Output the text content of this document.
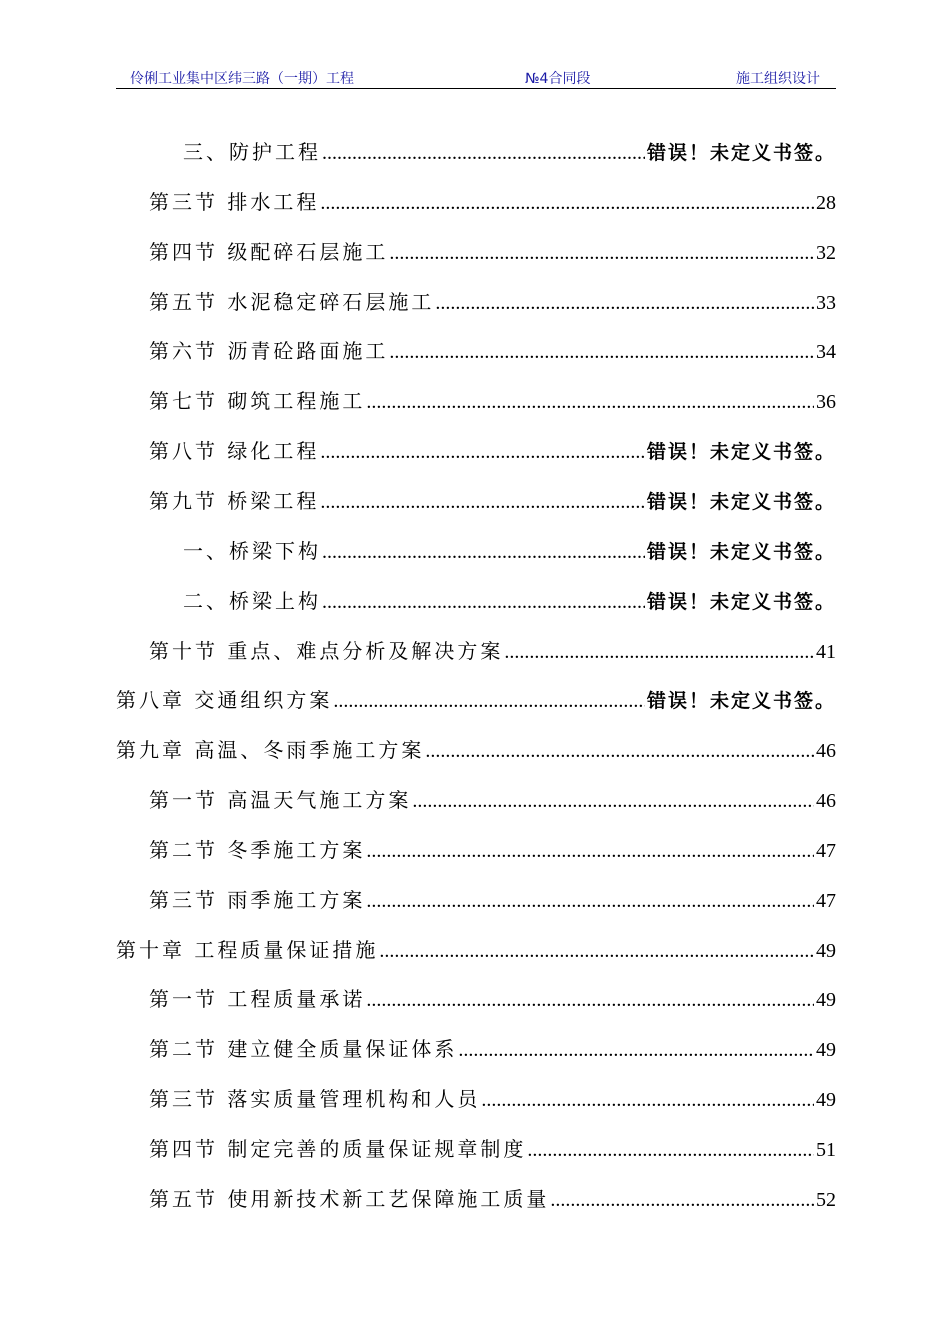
伶俐工业集中区纬三路（一期）工程	№4合同段	施工组织设计
三、防护工程 .....	错误！未定义书签。
第三节 排水工程 .....	28
第四节 级配碎石层施工 .....	32
第五节 水泥稳定碎石层施工 .....	33
第六节 沥青砼路面施工 .....	34
第七节 砌筑工程施工 .....	36
第八节 绿化工程 .....	错误！未定义书签。
第九节 桥梁工程 .....	错误！未定义书签。
一、桥梁下构 .....	错误！未定义书签。
二、桥梁上构 .....	错误！未定义书签。
第十节 重点、难点分析及解决方案 .....	41
第八章 交通组织方案 .....	错误！未定义书签。
第九章 高温、冬雨季施工方案 .....	46
第一节 高温天气施工方案 .....	46
第二节 冬季施工方案 .....	47
第三节 雨季施工方案 .....	47
第十章 工程质量保证措施 .....	49
第一节 工程质量承诺 .....	49
第二节 建立健全质量保证体系 .....	49
第三节 落实质量管理机构和人员 .....	49
第四节 制定完善的质量保证规章制度 .....	51
第五节 使用新技术新工艺保障施工质量 .....	52
